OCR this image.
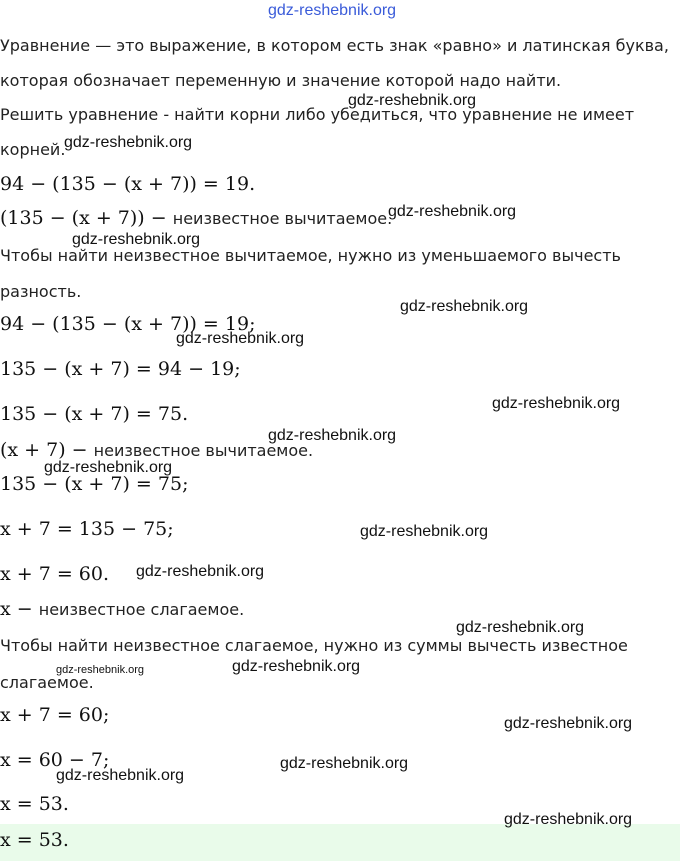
gdz-reshebnik.org
Уравнение — это выражение, в котором есть знак «равно» и латинская буква,
которая обозначает переменную и значение которой надо найти.
Решить уравнение - найти корни либо убедиться, что уравнение не имеет
корней.
94 − (135 − (x + 7)) = 19.
(135 − (x + 7)) − неизвестное вычитаемое.
Чтобы найти неизвестное вычитаемое, нужно из уменьшаемого вычесть
разность.
94 − (135 − (x + 7)) = 19;
135 − (x + 7) = 94 − 19;
135 − (x + 7) = 75.
(x + 7) − неизвестное вычитаемое.
135 − (x + 7) = 75;
x + 7 = 135 − 75;
x + 7 = 60.
x − неизвестное слагаемое.
Чтобы найти неизвестное слагаемое, нужно из суммы вычесть известное
слагаемое.
x + 7 = 60;
x = 60 − 7;
x = 53.
x = 53.
gdz-reshebnik.org
gdz-reshebnik.org
gdz-reshebnik.org
gdz-reshebnik.org
gdz-reshebnik.org
gdz-reshebnik.org
gdz-reshebnik.org
gdz-reshebnik.org
gdz-reshebnik.org
gdz-reshebnik.org
gdz-reshebnik.org
gdz-reshebnik.org
gdz-reshebnik.org	gdz-reshebnik.org
gdz-reshebnik.org
gdz-reshebnik.org
gdz-reshebnik.org
gdz-reshebnik.org
